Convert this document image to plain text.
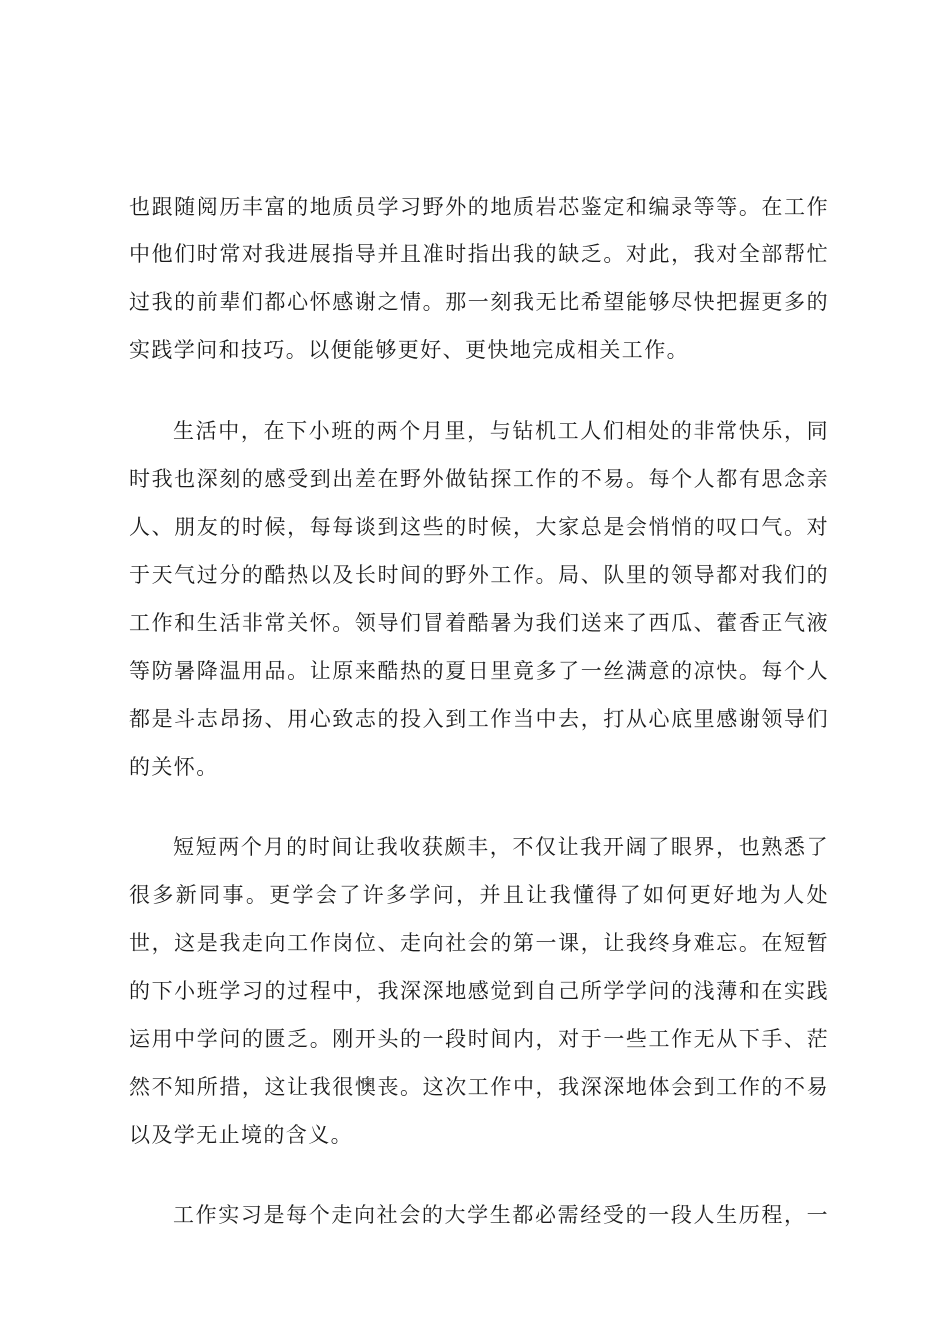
也跟随阅历丰富的地质员学习野外的地质岩芯鉴定和编录等等。在工作
中他们时常对我进展指导并且准时指出我的缺乏。对此，我对全部帮忙
过我的前辈们都心怀感谢之情。那一刻我无比希望能够尽快把握更多的
实践学问和技巧。以便能够更好、更快地完成相关工作。
生活中，在下小班的两个月里，与钻机工人们相处的非常快乐，同
时我也深刻的感受到出差在野外做钻探工作的不易。每个人都有思念亲
人、朋友的时候，每每谈到这些的时候，大家总是会悄悄的叹口气。对
于天气过分的酷热以及长时间的野外工作。局、队里的领导都对我们的
工作和生活非常关怀。领导们冒着酷暑为我们送来了西瓜、藿香正气液
等防暑降温用品。让原来酷热的夏日里竟多了一丝满意的凉快。每个人
都是斗志昂扬、用心致志的投入到工作当中去，打从心底里感谢领导们
的关怀。
短短两个月的时间让我收获颇丰，不仅让我开阔了眼界，也熟悉了
很多新同事。更学会了许多学问，并且让我懂得了如何更好地为人处
世，这是我走向工作岗位、走向社会的第一课，让我终身难忘。在短暂
的下小班学习的过程中，我深深地感觉到自己所学学问的浅薄和在实践
运用中学问的匮乏。刚开头的一段时间内，对于一些工作无从下手、茫
然不知所措，这让我很懊丧。这次工作中，我深深地体会到工作的不易
以及学无止境的含义。
工作实习是每个走向社会的大学生都必需经受的一段人生历程，一
